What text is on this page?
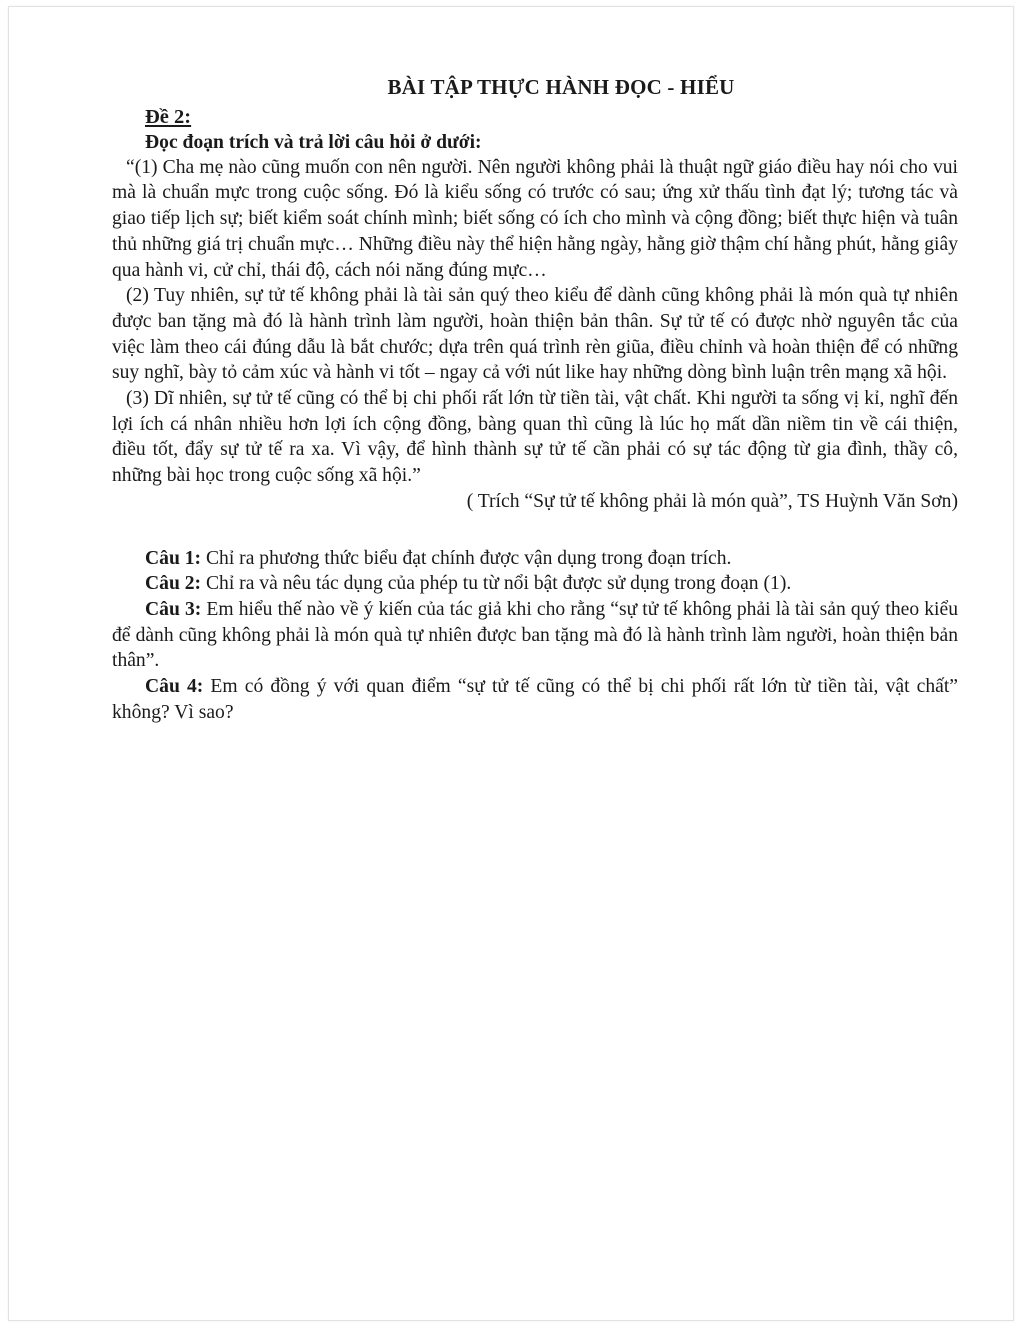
BÀI TẬP THỰC HÀNH ĐỌC - HIỂU

Đề 2:

Đọc đoạn trích và trả lời câu hỏi ở dưới:

“(1) Cha mẹ nào cũng muốn con nên người. Nên người không phải là thuật ngữ giáo điều hay nói cho vui mà là chuẩn mực trong cuộc sống. Đó là kiểu sống có trước có sau; ứng xử thấu tình đạt lý; tương tác và giao tiếp lịch sự; biết kiểm soát chính mình; biết sống có ích cho mình và cộng đồng; biết thực hiện và tuân thủ những giá trị chuẩn mực… Những điều này thể hiện hằng ngày, hằng giờ thậm chí hằng phút, hằng giây qua hành vi, cử chỉ, thái độ, cách nói năng đúng mực…

(2) Tuy nhiên, sự tử tế không phải là tài sản quý theo kiểu để dành cũng không phải là món quà tự nhiên được ban tặng mà đó là hành trình làm người, hoàn thiện bản thân. Sự tử tế có được nhờ nguyên tắc của việc làm theo cái đúng dẫu là bắt chước; dựa trên quá trình rèn giũa, điều chỉnh và hoàn thiện để có những suy nghĩ, bày tỏ cảm xúc và hành vi tốt – ngay cả với nút like hay những dòng bình luận trên mạng xã hội.

(3) Dĩ nhiên, sự tử tế cũng có thể bị chi phối rất lớn từ tiền tài, vật chất. Khi người ta sống vị kỉ, nghĩ đến lợi ích cá nhân nhiều hơn lợi ích cộng đồng, bàng quan thì cũng là lúc họ mất dần niềm tin về cái thiện, điều tốt, đẩy sự tử tế ra xa. Vì vậy, để hình thành sự tử tế cần phải có sự tác động từ gia đình, thầy cô, những bài học trong cuộc sống xã hội.”

( Trích “Sự tử tế không phải là món quà”, TS Huỳnh Văn Sơn)

Câu 1: Chỉ ra phương thức biểu đạt chính được vận dụng trong đoạn trích.

Câu 2: Chỉ ra và nêu tác dụng của phép tu từ nổi bật được sử dụng trong đoạn (1).

Câu 3: Em hiểu thế nào về ý kiến của tác giả khi cho rằng “sự tử tế không phải là tài sản quý theo kiểu để dành cũng không phải là món quà tự nhiên được ban tặng mà đó là hành trình làm người, hoàn thiện bản thân”.

Câu 4: Em có đồng ý với quan điểm “sự tử tế cũng có thể bị chi phối rất lớn từ tiền tài, vật chất” không? Vì sao?
